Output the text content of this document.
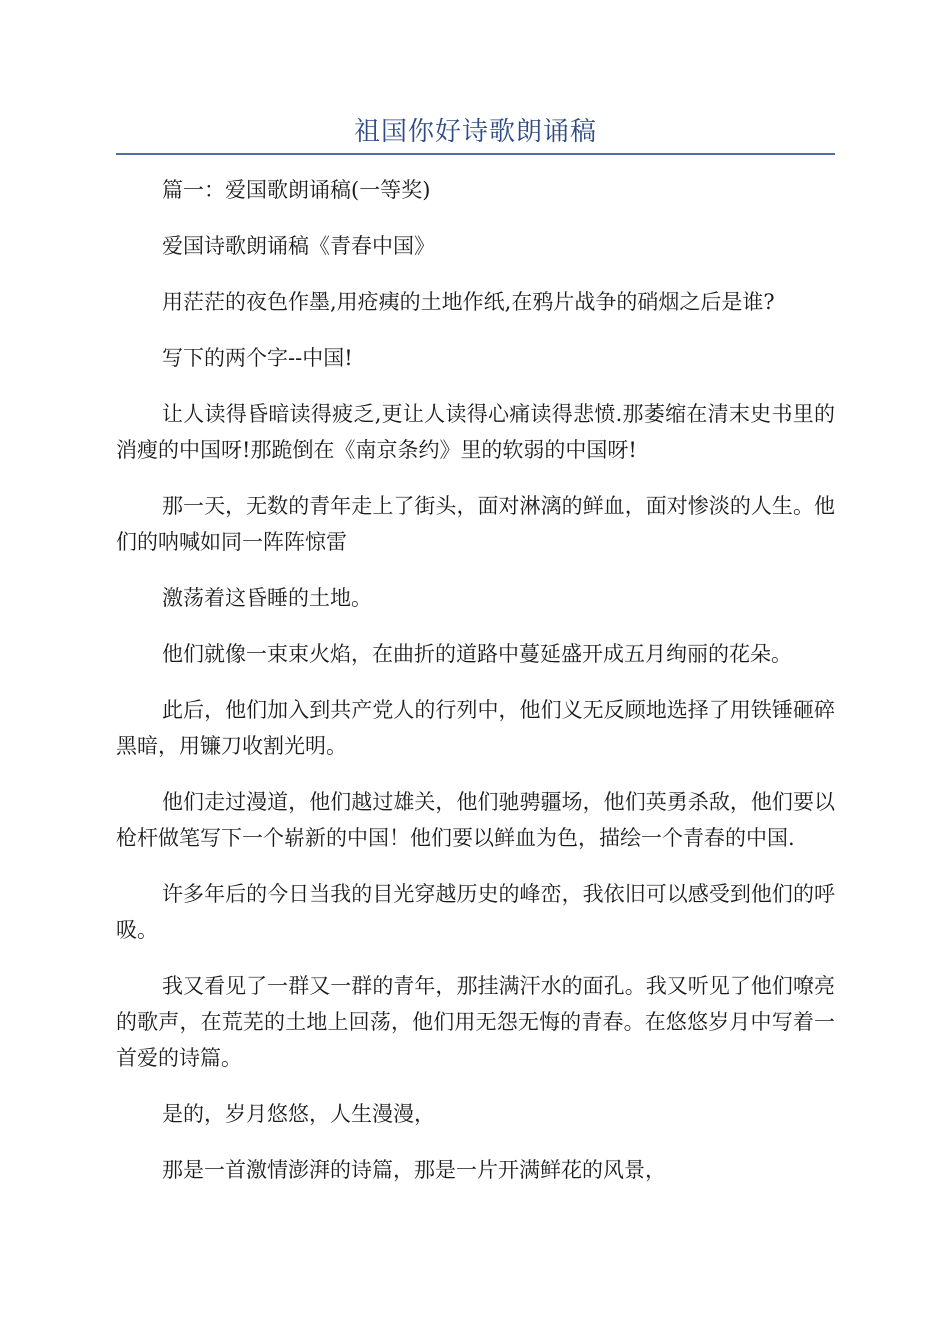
祖国你好诗歌朗诵稿

篇一：爱国歌朗诵稿(一等奖)

爱国诗歌朗诵稿《青春中国》

用茫茫的夜色作墨,用疮痍的土地作纸,在鸦片战争的硝烟之后是谁?

写下的两个字--中国!

让人读得昏暗读得疲乏,更让人读得心痛读得悲愤.那萎缩在清末史书里的消瘦的中国呀!那跪倒在《南京条约》里的软弱的中国呀!

那一天，无数的青年走上了街头，面对淋漓的鲜血，面对惨淡的人生。他们的呐喊如同一阵阵惊雷

激荡着这昏睡的土地。

他们就像一束束火焰，在曲折的道路中蔓延盛开成五月绚丽的花朵。

此后，他们加入到共产党人的行列中，他们义无反顾地选择了用铁锤砸碎黑暗，用镰刀收割光明。

他们走过漫道，他们越过雄关，他们驰骋疆场，他们英勇杀敌，他们要以枪杆做笔写下一个崭新的中国！他们要以鲜血为色，描绘一个青春的中国.

许多年后的今日当我的目光穿越历史的峰峦，我依旧可以感受到他们的呼吸。

我又看见了一群又一群的青年，那挂满汗水的面孔。我又听见了他们嘹亮的歌声，在荒芜的土地上回荡，他们用无怨无悔的青春。在悠悠岁月中写着一首爱的诗篇。

是的，岁月悠悠，人生漫漫，

那是一首激情澎湃的诗篇，那是一片开满鲜花的风景，
